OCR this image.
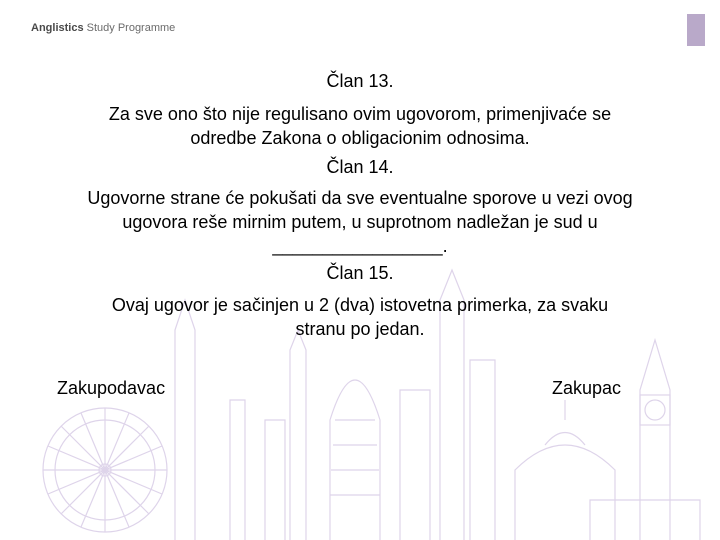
Anglistics Study Programme
Član 13.
Za sve ono što nije regulisano ovim ugovorom, primenjivaće se
odredbe Zakona o obligacionim odnosima.
Član 14.
Ugovorne strane će pokušati da sve eventualne sporove u vezi ovog
ugovora reše mirnim putem, u suprotnom nadležan je sud u
_________________.
Član 15.
Ovaj ugovor je sačinjen u 2 (dva) istovetna primerka, za svaku
stranu po jedan.
Zakupodavac	Zakupac
